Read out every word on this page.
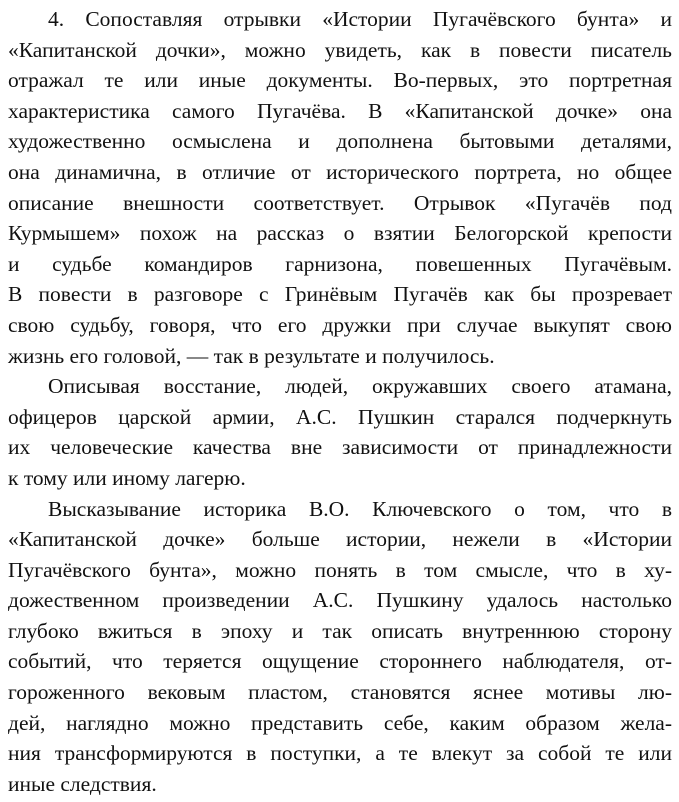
4. Сопоставляя отрывки «Истории Пугачёвского бунта» и
«Капитанской дочки», можно увидеть, как в повести писатель
отражал те или иные документы. Во-первых, это портретная
характеристика самого Пугачёва. В «Капитанской дочке» она
художественно осмыслена и дополнена бытовыми деталями,
она динамична, в отличие от исторического портрета, но общее
описание внешности соответствует. Отрывок «Пугачёв под
Курмышем» похож на рассказ о взятии Белогорской крепости
и судьбе командиров гарнизона, повешенных Пугачёвым.
В повести в разговоре с Гринёвым Пугачёв как бы прозревает
свою судьбу, говоря, что его дружки при случае выкупят свою
жизнь его головой, — так в результате и получилось.
Описывая восстание, людей, окружавших своего атамана,
офицеров царской армии, А.С. Пушкин старался подчеркнуть
их человеческие качества вне зависимости от принадлежности
к тому или иному лагерю.
Высказывание историка В.О. Ключевского о том, что в
«Капитанской дочке» больше истории, нежели в «Истории
Пугачёвского бунта», можно понять в том смысле, что в ху-
дожественном произведении А.С. Пушкину удалось настолько
глубоко вжиться в эпоху и так описать внутреннюю сторону
событий, что теряется ощущение стороннего наблюдателя, от-
гороженного вековым пластом, становятся яснее мотивы лю-
дей, наглядно можно представить себе, каким образом жела-
ния трансформируются в поступки, а те влекут за собой те или
иные следствия.
